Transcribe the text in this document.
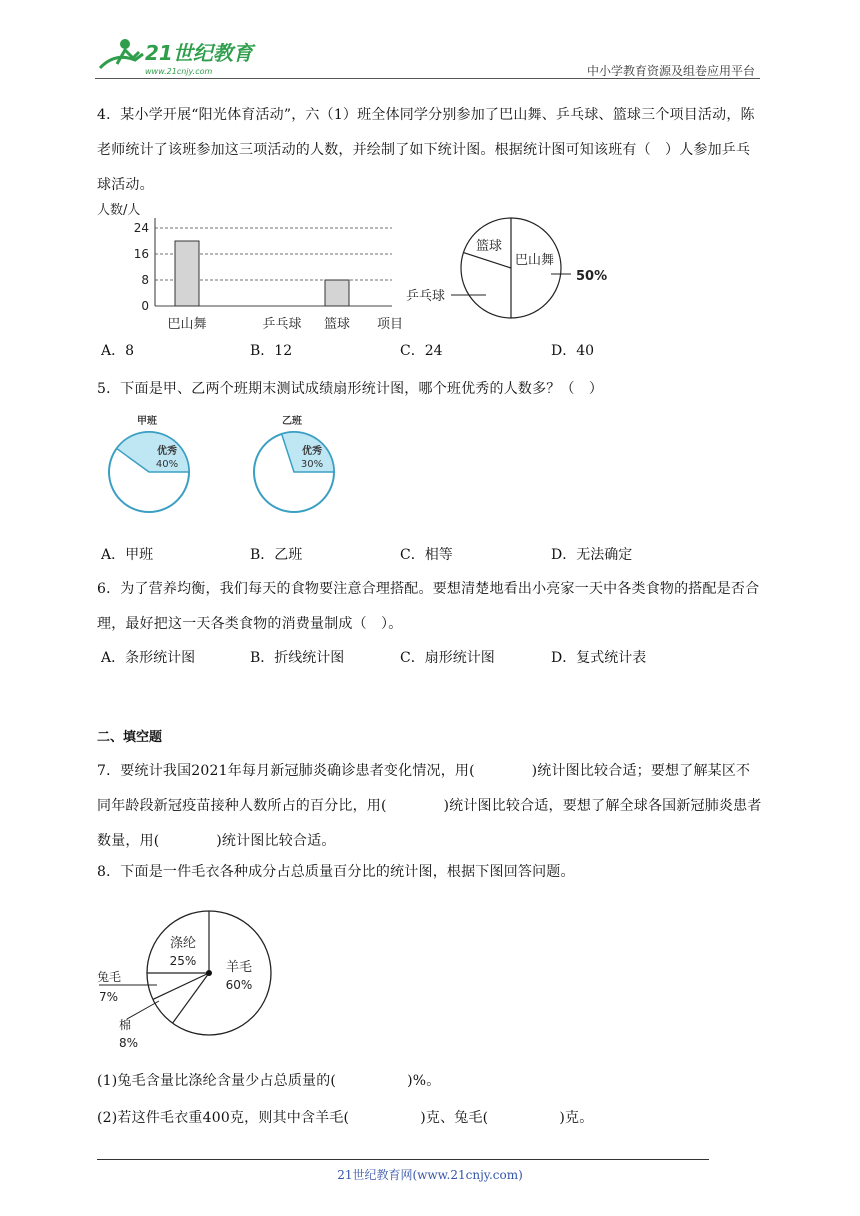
21世纪教育
www.21cnjy.com	中小学教育资源及组卷应用平台
4．某小学开展“阳光体育活动”，六（1）班全体同学分别参加了巴山舞、乒乓球、篮球三个项目活动，陈老师统计了该班参加这三项活动的人数，并绘制了如下统计图。根据统计图可知该班有（　）人参加乒乓球活动。
人数/人
0
8
16
24
巴山舞	乒乓球 篮球 项目
巴山舞
篮球
50%
乒乓球
A．8	B．12	C．24	D．40
5．下面是甲、乙两个班期末测试成绩扇形统计图，哪个班优秀的人数多？（　）
甲班
优秀
40%
乙班
优秀
30%
A．甲班	B．乙班	C．相等	D．无法确定
6．为了营养均衡，我们每天的食物要注意合理搭配。要想清楚地看出小亮家一天中各类食物的搭配是否合理，最好把这一天各类食物的消费量制成（　）。
A．条形统计图	B．折线统计图	C．扇形统计图	D．复式统计表
二、填空题
7．要统计我国2021年每月新冠肺炎确诊患者变化情况，用(　　　　)统计图比较合适；要想了解某区不同年龄段新冠疫苗接种人数所占的百分比，用(　　　　)统计图比较合适，要想了解全球各国新冠肺炎患者数量，用(　　　　)统计图比较合适。
8．下面是一件毛衣各种成分占总质量百分比的统计图，根据下图回答问题。
羊毛
60%
涤纶
25%
兔毛
7%
棉
8%
(1)兔毛含量比涤纶含量少占总质量的(　　　　　)%。
(2)若这件毛衣重400克，则其中含羊毛(　　　　　)克、兔毛(　　　　　)克。
21世纪教育网(www.21cnjy.com)
